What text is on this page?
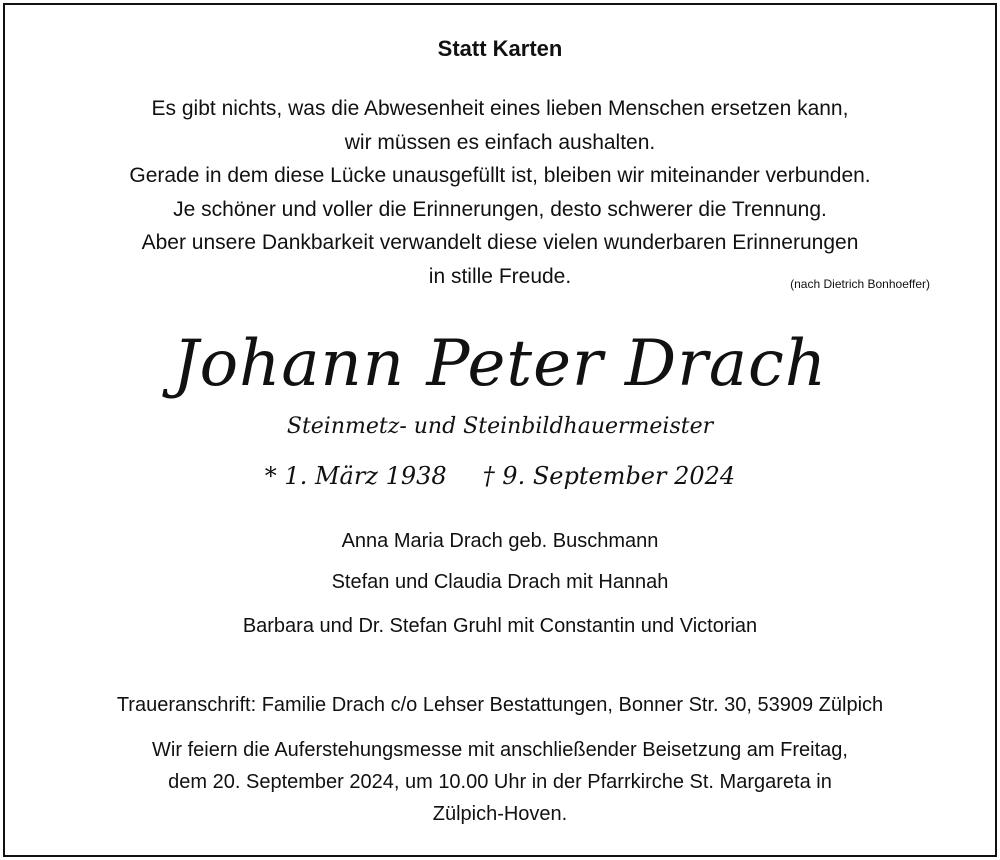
Statt Karten
Es gibt nichts, was die Abwesenheit eines lieben Menschen ersetzen kann,
wir müssen es einfach aushalten.
Gerade in dem diese Lücke unausgefüllt ist, bleiben wir miteinander verbunden.
Je schöner und voller die Erinnerungen, desto schwerer die Trennung.
Aber unsere Dankbarkeit verwandelt diese vielen wunderbaren Erinnerungen
in stille Freude.	(nach Dietrich Bonhoeffer)
Johann Peter Drach
Steinmetz- und Steinbildhauermeister
* 1. März 1938 † 9. September 2024
Anna Maria Drach geb. Buschmann
Stefan und Claudia Drach mit Hannah
Barbara und Dr. Stefan Gruhl mit Constantin und Victorian
Traueranschrift: Familie Drach c/o Lehser Bestattungen, Bonner Str. 30, 53909 Zülpich
Wir feiern die Auferstehungsmesse mit anschließender Beisetzung am Freitag,
dem 20. September 2024, um 10.00 Uhr in der Pfarrkirche St. Margareta in
Zülpich-Hoven.
